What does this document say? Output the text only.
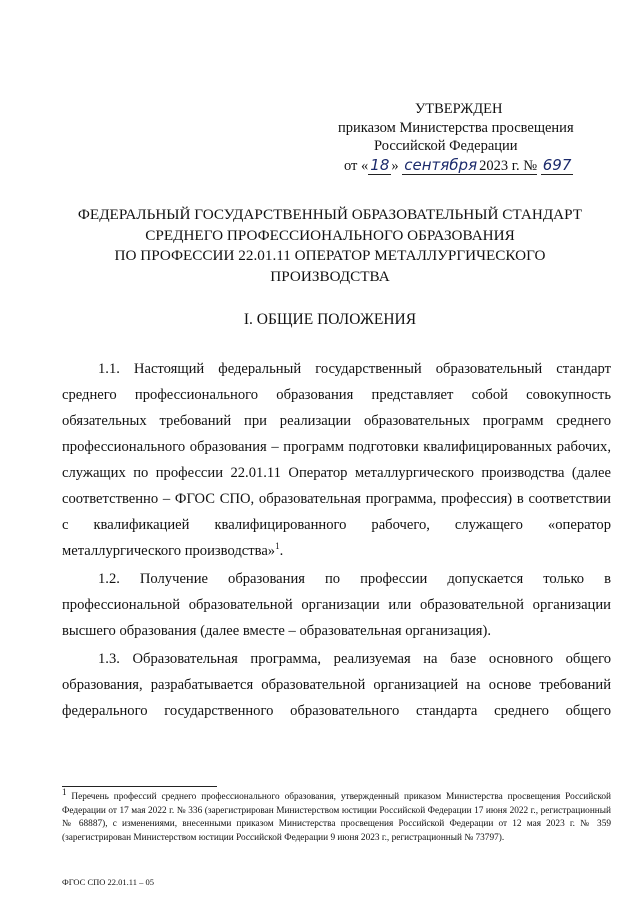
УТВЕРЖДЕН
приказом Министерства просвещения
Российской Федерации
от « 18 » сентября 2023 г. № 697
ФЕДЕРАЛЬНЫЙ ГОСУДАРСТВЕННЫЙ ОБРАЗОВАТЕЛЬНЫЙ СТАНДАРТ
СРЕДНЕГО ПРОФЕССИОНАЛЬНОГО ОБРАЗОВАНИЯ
ПО ПРОФЕССИИ 22.01.11 ОПЕРАТОР МЕТАЛЛУРГИЧЕСКОГО
ПРОИЗВОДСТВА
I. ОБЩИЕ ПОЛОЖЕНИЯ

1.1. Настоящий федеральный государственный образовательный стандарт среднего профессионального образования представляет собой совокупность обязательных требований при реализации образовательных программ среднего профессионального образования – программ подготовки квалифицированных рабочих, служащих по профессии 22.01.11 Оператор металлургического производства (далее соответственно – ФГОС СПО, образовательная программа, профессия) в соответствии с квалификацией квалифицированного рабочего, служащего «оператор металлургического производства»$^1$.

1.2. Получение образования по профессии допускается только в профессиональной образовательной организации или образовательной организации высшего образования (далее вместе – образовательная организация).

1.3. Образовательная программа, реализуемая на базе основного общего образования, разрабатывается образовательной организацией на основе требований федерального государственного образовательного стандарта среднего общего

$^1$ Перечень профессий среднего профессионального образования, утвержденный приказом Министерства просвещения Российской Федерации от 17 мая 2022 г. № 336 (зарегистрирован Министерством юстиции Российской Федерации 17 июня 2022 г., регистрационный № 68887), с изменениями, внесенными приказом Министерства просвещения Российской Федерации от 12 мая 2023 г. № 359 (зарегистрирован Министерством юстиции Российской Федерации 9 июня 2023 г., регистрационный № 73797).

ФГОС СПО 22.01.11 – 05
